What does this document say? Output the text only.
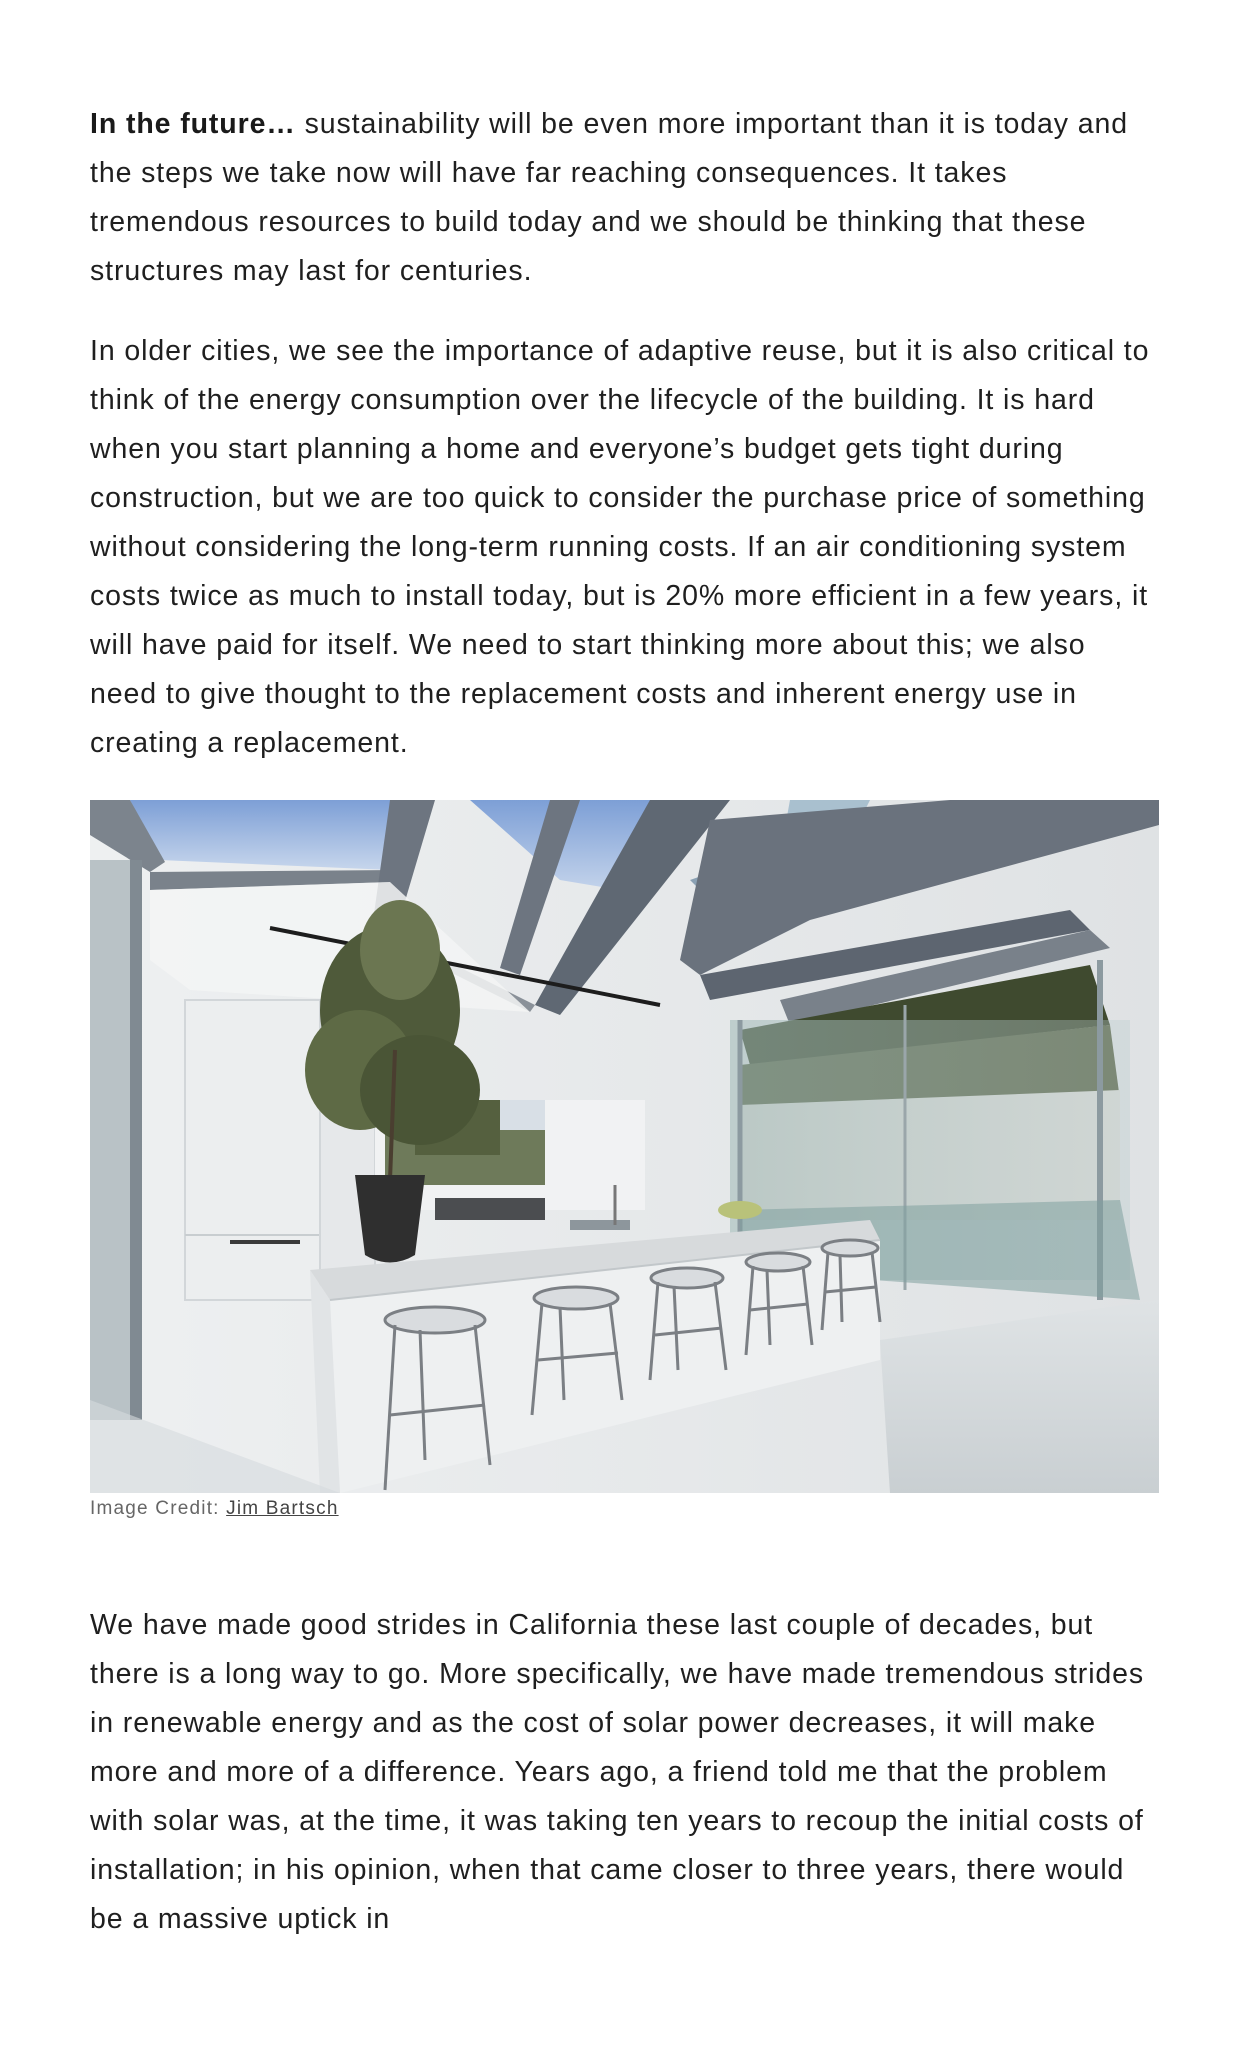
In the future… sustainability will be even more important than it is today and the steps we take now will have far reaching consequences. It takes tremendous resources to build today and we should be thinking that these structures may last for centuries.

In older cities, we see the importance of adaptive reuse, but it is also critical to think of the energy consumption over the lifecycle of the building. It is hard when you start planning a home and everyone’s budget gets tight during construction, but we are too quick to consider the purchase price of something without considering the long-term running costs. If an air conditioning system costs twice as much to install today, but is 20% more efficient in a few years, it will have paid for itself. We need to start thinking more about this; we also need to give thought to the replacement costs and inherent energy use in creating a replacement.

Image Credit: Jim Bartsch

We have made good strides in California these last couple of decades, but there is a long way to go. More specifically, we have made tremendous strides in renewable energy and as the cost of solar power decreases, it will make more and more of a difference. Years ago, a friend told me that the problem with solar was, at the time, it was taking ten years to recoup the initial costs of installation; in his opinion, when that came closer to three years, there would be a massive uptick in
